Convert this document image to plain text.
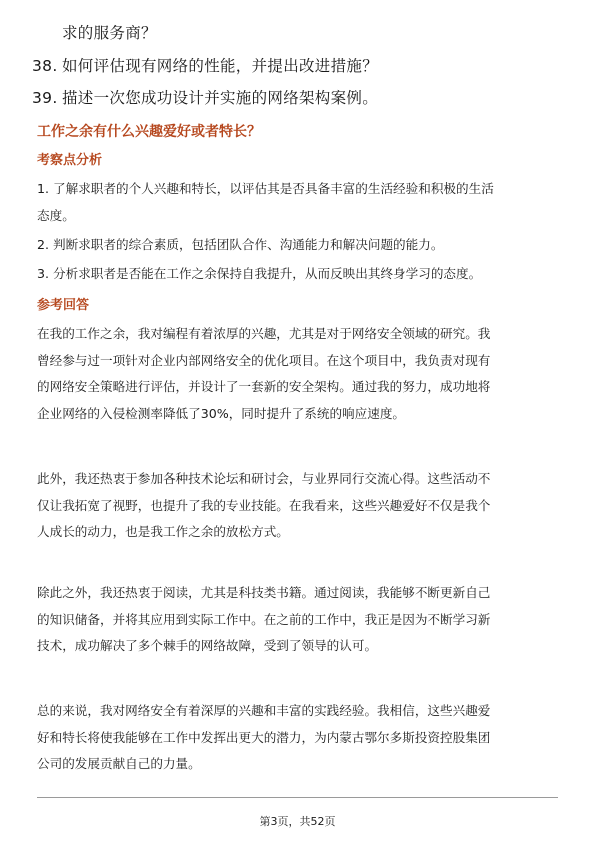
求的服务商？
38. 如何评估现有网络的性能，并提出改进措施？
39. 描述一次您成功设计并实施的网络架构案例。
工作之余有什么兴趣爱好或者特长？
考察点分析
1. 了解求职者的个人兴趣和特长，以评估其是否具备丰富的生活经验和积极的生活
态度。
2. 判断求职者的综合素质，包括团队合作、沟通能力和解决问题的能力。
3. 分析求职者是否能在工作之余保持自我提升，从而反映出其终身学习的态度。
参考回答
在我的工作之余，我对编程有着浓厚的兴趣，尤其是对于网络安全领域的研究。我
曾经参与过一项针对企业内部网络安全的优化项目。在这个项目中，我负责对现有
的网络安全策略进行评估，并设计了一套新的安全架构。通过我的努力，成功地将
企业网络的入侵检测率降低了30%，同时提升了系统的响应速度。
此外，我还热衷于参加各种技术论坛和研讨会，与业界同行交流心得。这些活动不
仅让我拓宽了视野，也提升了我的专业技能。在我看来，这些兴趣爱好不仅是我个
人成长的动力，也是我工作之余的放松方式。
除此之外，我还热衷于阅读，尤其是科技类书籍。通过阅读，我能够不断更新自己
的知识储备，并将其应用到实际工作中。在之前的工作中，我正是因为不断学习新
技术，成功解决了多个棘手的网络故障，受到了领导的认可。
总的来说，我对网络安全有着深厚的兴趣和丰富的实践经验。我相信，这些兴趣爱
好和特长将使我能够在工作中发挥出更大的潜力，为内蒙古鄂尔多斯投资控股集团
公司的发展贡献自己的力量。
第3页，共52页
